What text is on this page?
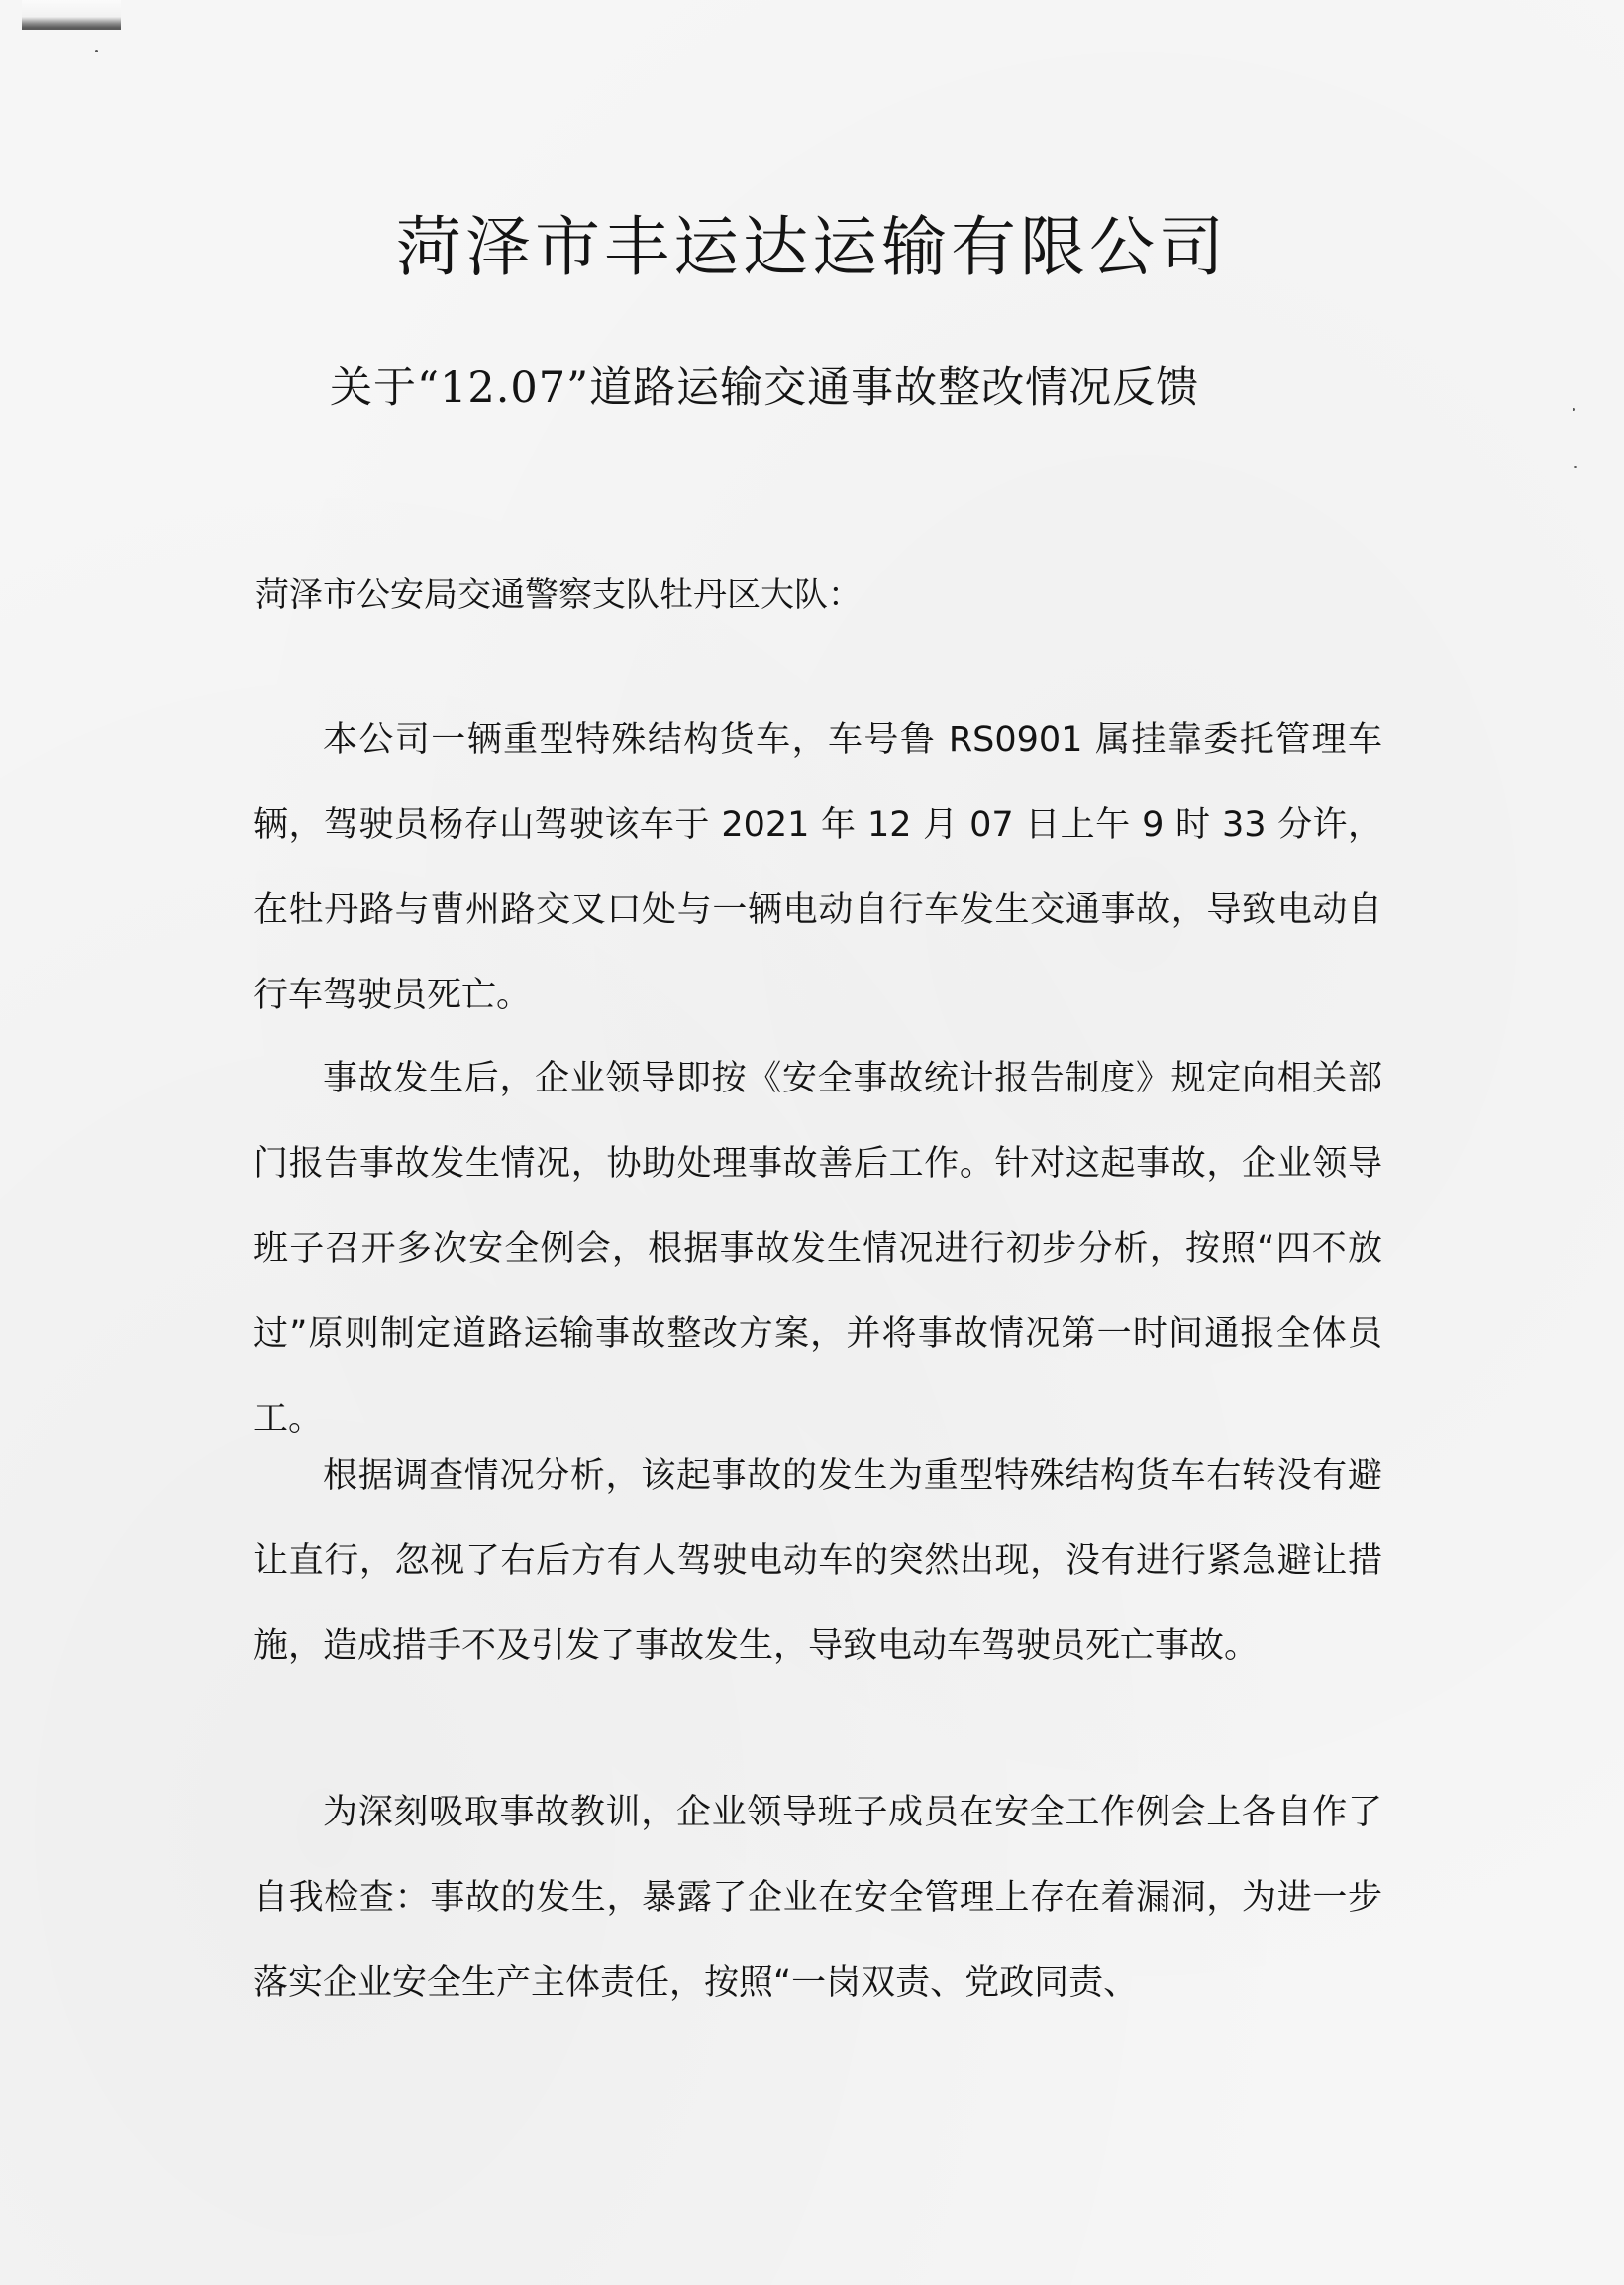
菏泽市丰运达运输有限公司
关于“12.07”道路运输交通事故整改情况反馈

菏泽市公安局交通警察支队牡丹区大队：

本公司一辆重型特殊结构货车，车号鲁 RS0901 属挂靠委托管理车辆，驾驶员杨存山驾驶该车于 2021 年 12 月 07 日上午 9 时 33 分许，在牡丹路与曹州路交叉口处与一辆电动自行车发生交通事故，导致电动自行车驾驶员死亡。

事故发生后，企业领导即按《安全事故统计报告制度》规定向相关部门报告事故发生情况，协助处理事故善后工作。针对这起事故，企业领导班子召开多次安全例会，根据事故发生情况进行初步分析，按照“四不放过”原则制定道路运输事故整改方案，并将事故情况第一时间通报全体员工。

根据调查情况分析，该起事故的发生为重型特殊结构货车右转没有避让直行，忽视了右后方有人驾驶电动车的突然出现，没有进行紧急避让措施，造成措手不及引发了事故发生，导致电动车驾驶员死亡事故。

为深刻吸取事故教训，企业领导班子成员在安全工作例会上各自作了自我检查：事故的发生，暴露了企业在安全管理上存在着漏洞，为进一步落实企业安全生产主体责任，按照“一岗双责、党政同责、
